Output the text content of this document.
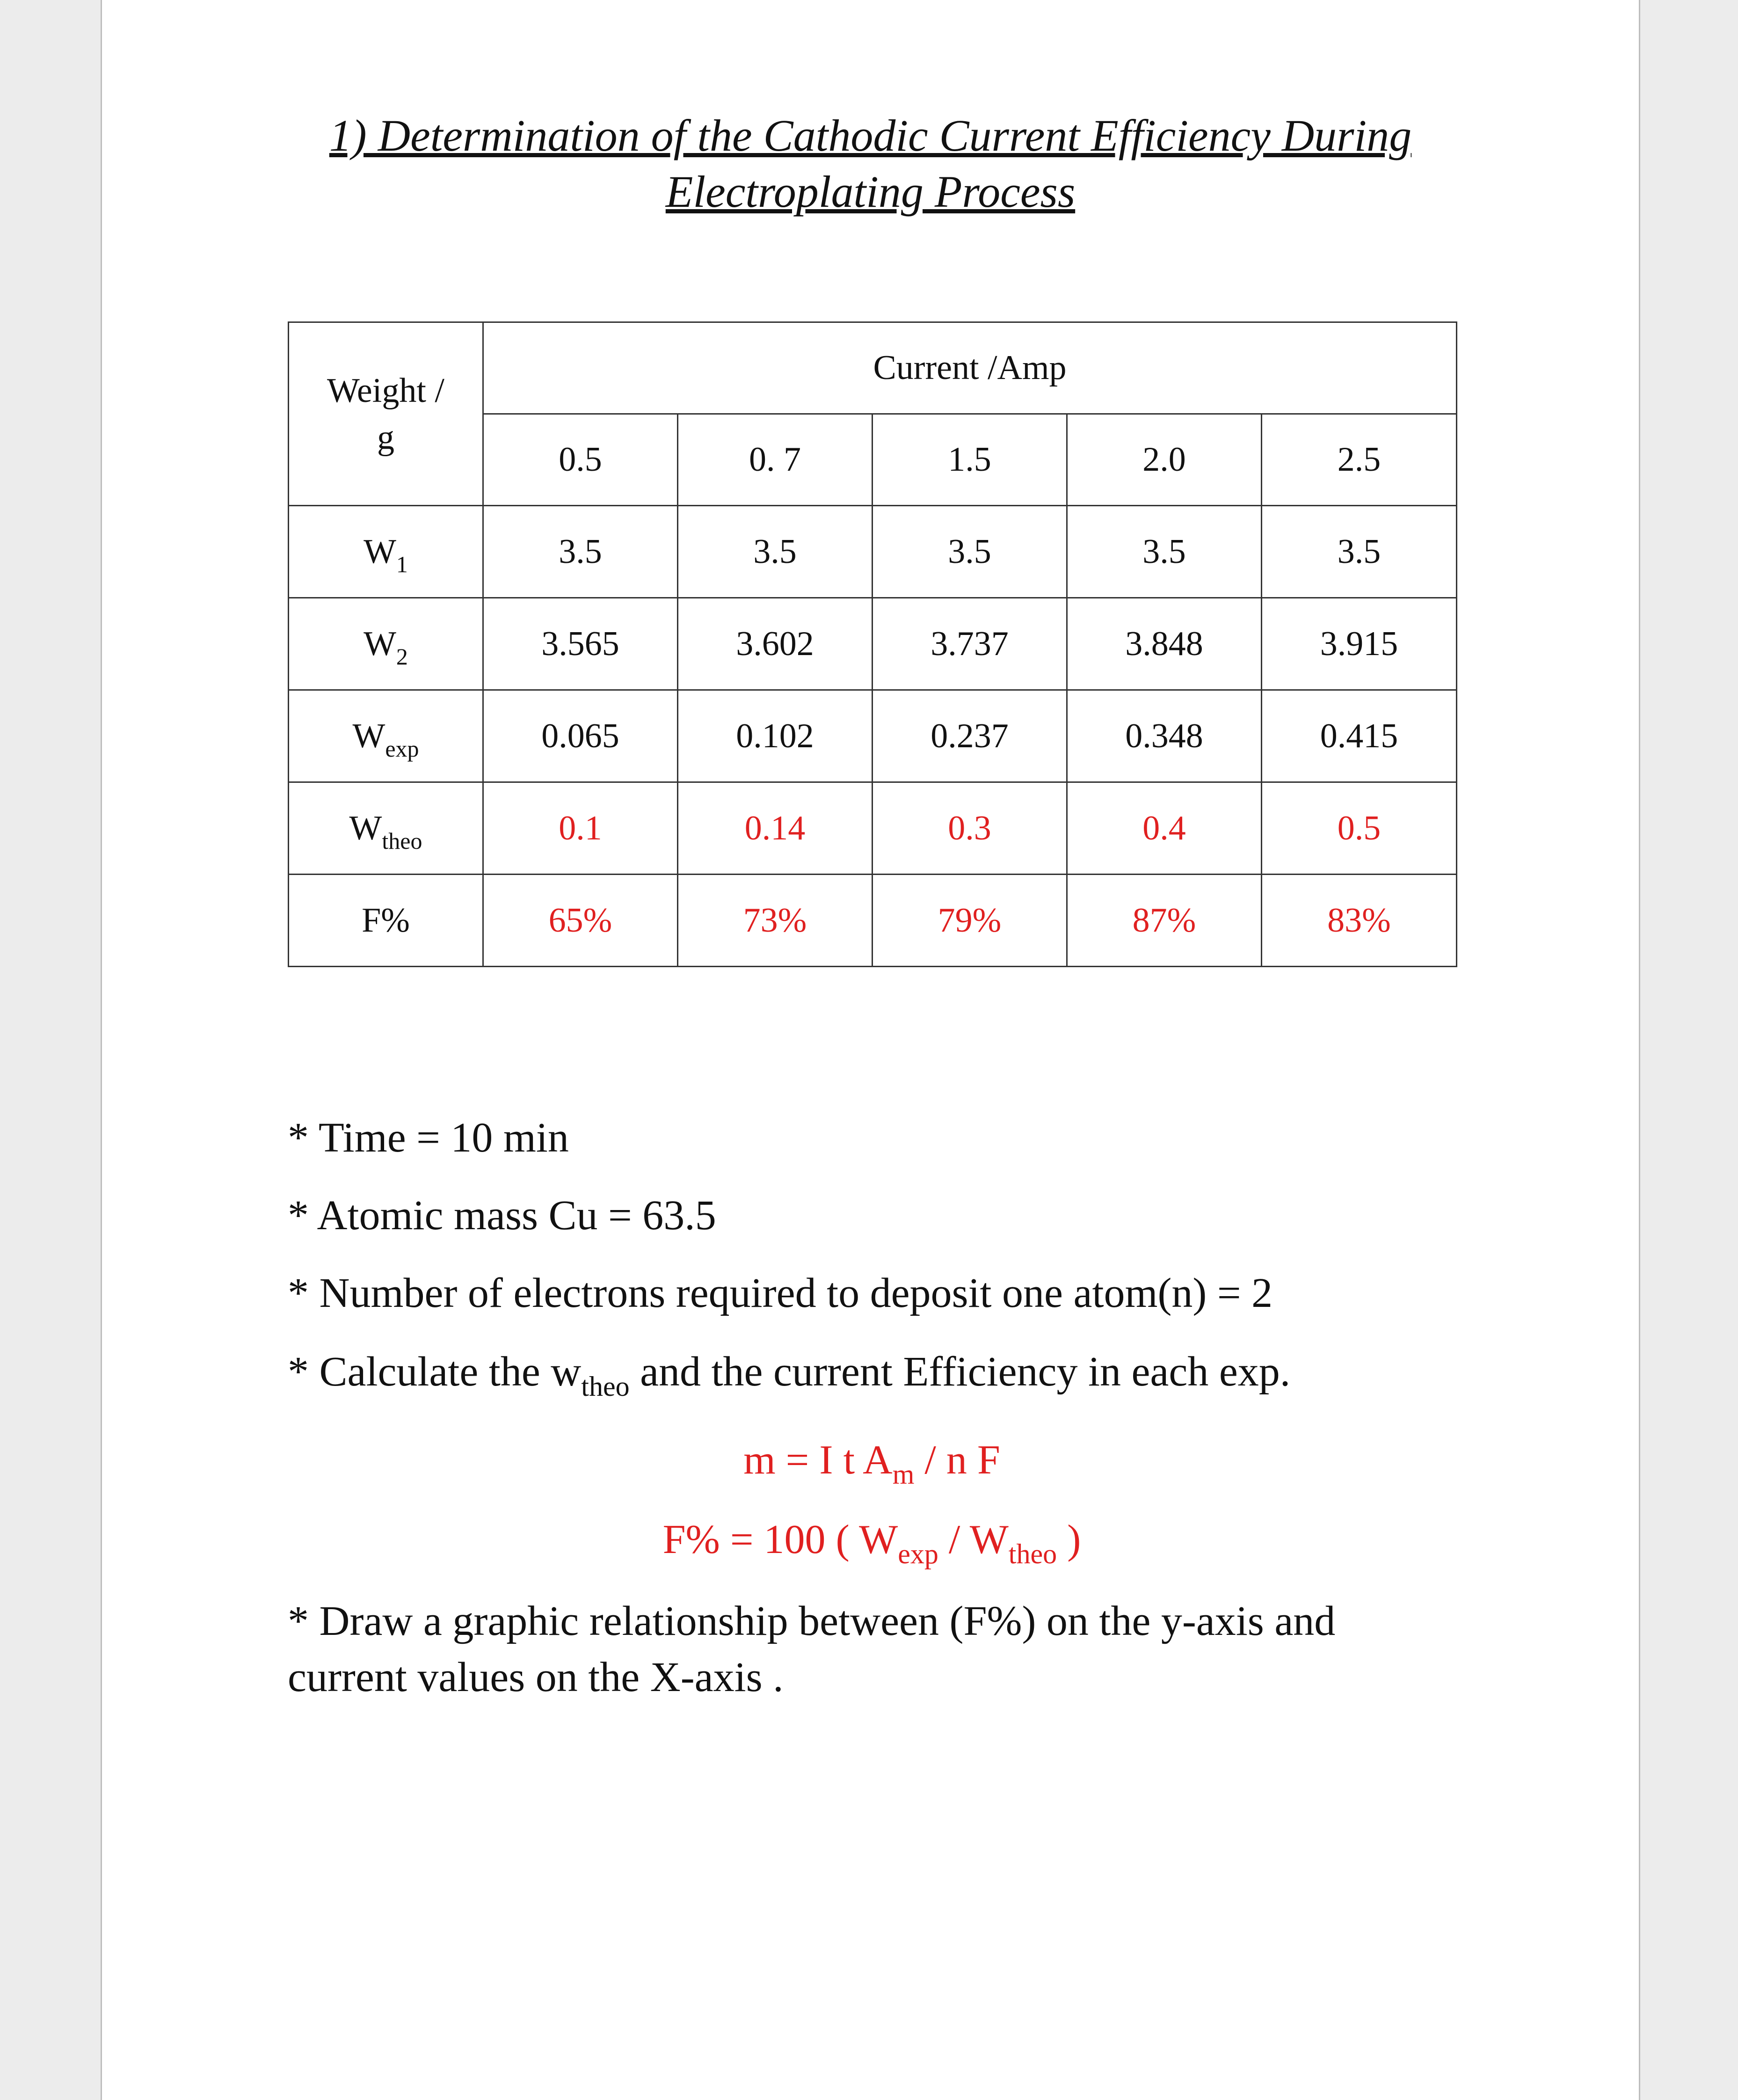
1) Determination of the Cathodic Current Efficiency During
Electroplating Process
Weight /
g	Current /Amp				
	0.5	0. 7	1.5	2.0	2.5
$W_1$	3.5	3.5	3.5	3.5	3.5
$W_2$	3.565	3.602	3.737	3.848	3.915
$W_{exp}$	0.065	0.102	0.237	0.348	0.415
$W_{theo}$	0.1	0.14	0.3	0.4	0.5
F%	65%	73%	79%	87%	83%
* Time = 10 min
* Atomic mass Cu = 63.5
* Number of electrons required to deposit one atom(n) = 2
* Calculate the $w_{theo}$ and the current Efficiency in each exp.
m = I t $A_m$ / n F
F% = 100 ( $W_{exp} / W_{theo}$ )
* Draw a graphic relationship between (F%) on the y-axis and
current values on the X-axis .
